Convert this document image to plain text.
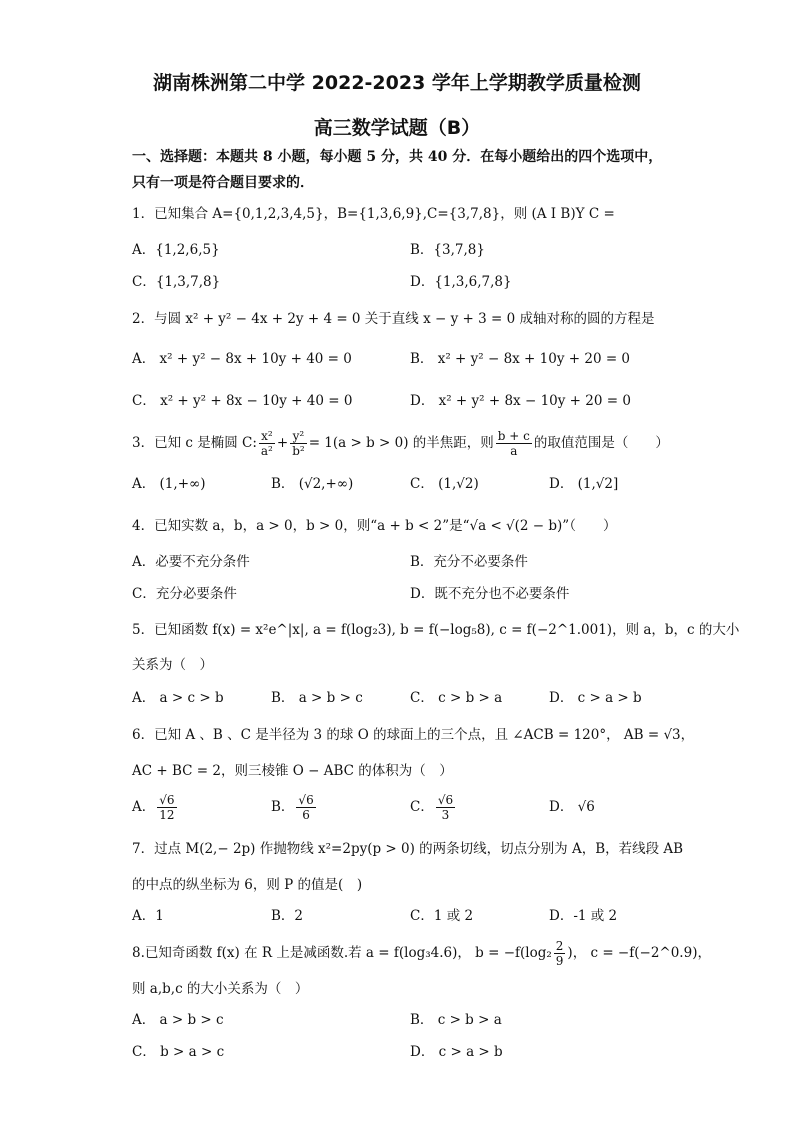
湖南株洲第二中学 2022-2023 学年上学期教学质量检测
高三数学试题（B）
一、选择题：本题共 8 小题，每小题 5 分，共 40 分．在每小题给出的四个选项中，只有一项是符合题目要求的．
1．已知集合 A={0,1,2,3,4,5}，B={1,3,6,9},C={3,7,8}，则 (A I B)Y C =
A．{1,2,6,5}	B．{3,7,8}
C．{1,3,7,8}	D．{1,3,6,7,8}
2．与圆 x² + y² − 4x + 2y + 4 = 0 关于直线 x − y + 3 = 0 成轴对称的圆的方程是
A． x² + y² − 8x + 10y + 40 = 0	B． x² + y² − 8x + 10y + 20 = 0
C． x² + y² + 8x − 10y + 40 = 0	D． x² + y² + 8x − 10y + 20 = 0
3．已知 c 是椭圆 C: $\frac{\text{x²}}{\text{a²}} + \frac{\text{y²}}{\text{b²}} = 1(a > b > 0)$ 的半焦距，则 $\frac{b + c}{a}$ 的取值范围是（　　）
A． (1,+∞)	B． (√2,+∞)	C． (1,√2)	D． (1,√2]
4．已知实数 a，b，a > 0，b > 0，则“a + b < 2”是“√a < √(2 − b)”（　　）
A．必要不充分条件	B．充分不必要条件
C．充分必要条件	D．既不充分也不必要条件
5．已知函数 f(x) = x²e^|x|, a = f(log₂3), b = f(−log₅8), c = f(−2^1.001)，则 a，b，c 的大小
关系为（　）
A． a > c > b	B． a > b > c	C． c > b > a	D． c > a > b
6．已知 A 、B 、C 是半径为 3 的球 O 的球面上的三个点，且 ∠ACB = 120°， AB = √3，
AC + BC = 2，则三棱锥 O − ABC 的体积为（　）
A． $\frac{√6}{12}$	B． $\frac{√6}{6}$	C． $\frac{√6}{3}$	D． √6
7．过点 M(2,− 2p) 作抛物线 x²=2py(p > 0) 的两条切线，切点分别为 A，B，若线段 AB
的中点的纵坐标为 6，则 P 的值是(　)
A．1	B．2	C．1 或 2	D．-1 或 2
8.已知奇函数 f(x) 在 R 上是减函数.若 a = f(log₃4.6)， $b = -f(\log_2 \frac{2}{9}$ )， c = −f(−2^0.9)，
则 a,b,c 的大小关系为（　）
A． a > b > c	B． c > b > a
C． b > a > c	D． c > a > b
